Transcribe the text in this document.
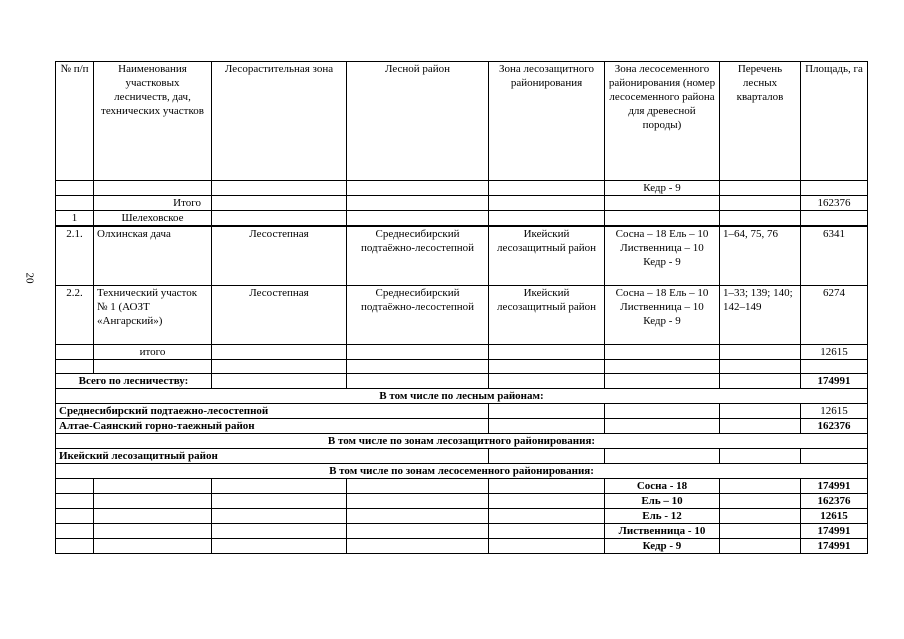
20
№ п/п	Наименования участковых лесничеств, дач, технических участков	Лесорастительная зона	Лесной район	Зона лесозащитного районирования	Зона лесосеменного районирования (номер лесосеменного района для древесной породы)	Перечень лесных кварталов	Площадь, га
					Кедр - 9		
	Итого						162376
1	Шелеховское						
2.1.	Олхинская дача	Лесостепная	Среднесибирский подтаёжно-лесостепной	Икейский лесозащитный район	Сосна – 18 Ель – 10 Лиственница – 10 Кедр - 9	1–64, 75, 76	6341
2.2.	Технический участок № 1 (АОЗТ «Ангарский»)	Лесостепная	Среднесибирский подтаёжно-лесостепной	Икейский лесозащитный район	Сосна – 18 Ель – 10 Лиственница – 10 Кедр - 9	1–33; 139; 140; 142–149	6274
	итого						12615

Всего по лесничеству:							174991
В том числе по лесным районам:							
Среднесибирский подтаежно-лесостепной							12615
Алтае-Саянский горно-таежный район							162376
В том числе по зонам лесозащитного районирования:							
Икейский лесозащитный район							
В том числе по зонам лесосеменного районирования:							
					Сосна - 18		174991
					Ель – 10		162376
					Ель - 12		12615
					Лиственница - 10		174991
					Кедр - 9		174991
